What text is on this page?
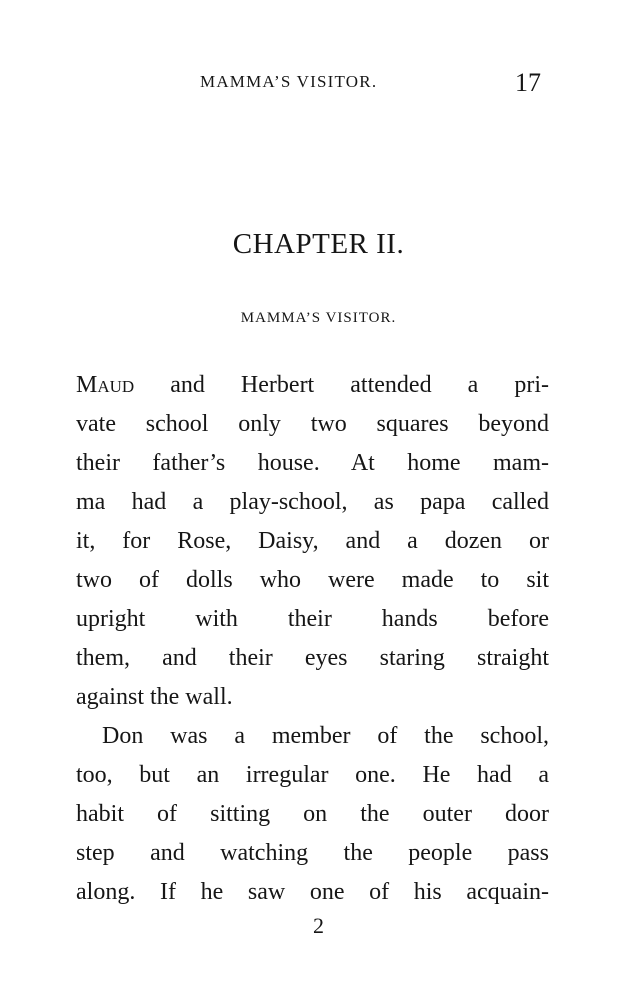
MAMMA’S VISITOR.	17
CHAPTER II.
MAMMA’S VISITOR.
Maud and Herbert attended a pri-
vate school only two squares beyond
their father’s house. At home mam-
ma had a play-school, as papa called
it, for Rose, Daisy, and a dozen or
two of dolls who were made to sit
upright with their hands before
them, and their eyes staring straight
against the wall.
Don was a member of the school,
too, but an irregular one. He had a
habit of sitting on the outer door
step and watching the people pass
along. If he saw one of his acquain-
2
